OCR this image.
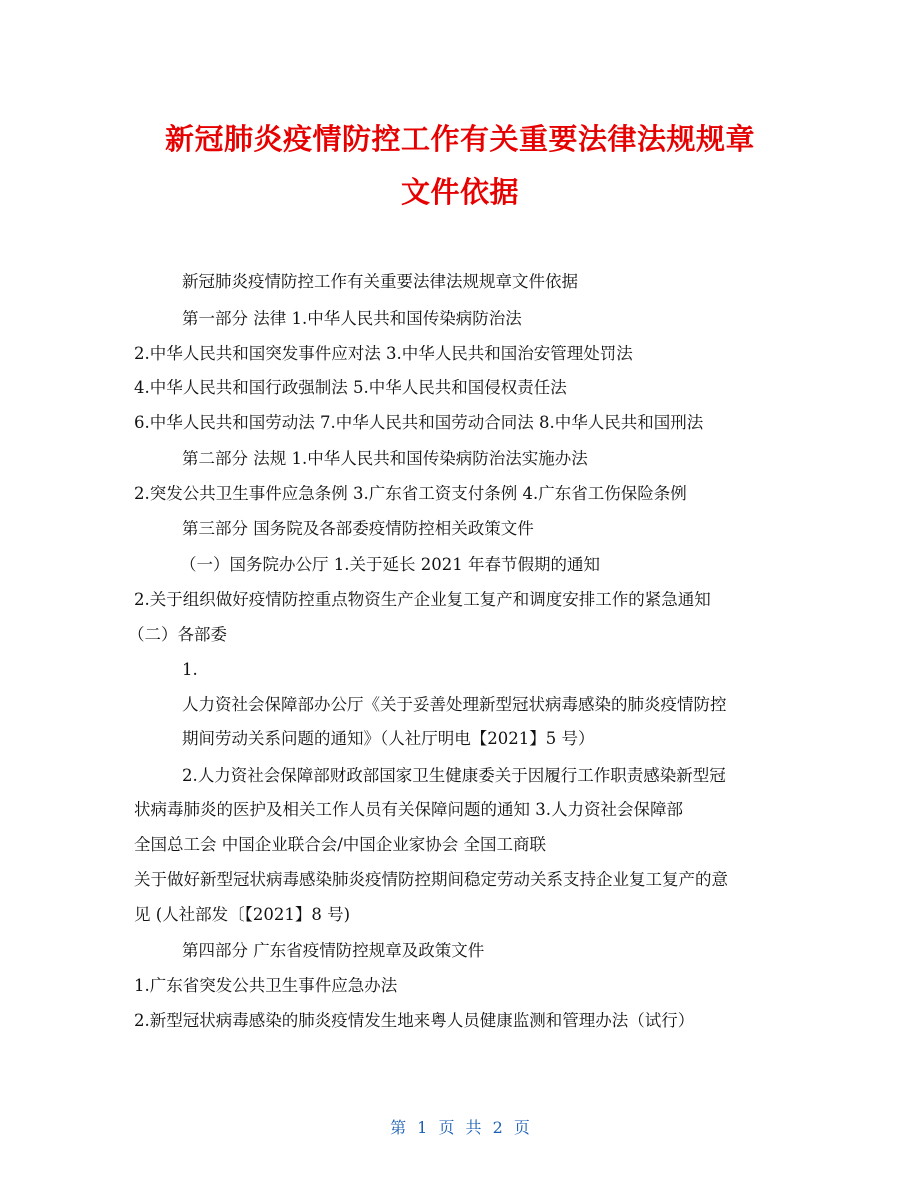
新冠肺炎疫情防控工作有关重要法律法规规章
文件依据
新冠肺炎疫情防控工作有关重要法律法规规章文件依据
第一部分 法律 1.中华人民共和国传染病防治法
2.中华人民共和国突发事件应对法 3.中华人民共和国治安管理处罚法
4.中华人民共和国行政强制法 5.中华人民共和国侵权责任法
6.中华人民共和国劳动法 7.中华人民共和国劳动合同法 8.中华人民共和国刑法
第二部分 法规 1.中华人民共和国传染病防治法实施办法
2.突发公共卫生事件应急条例 3.广东省工资支付条例 4.广东省工伤保险条例
第三部分 国务院及各部委疫情防控相关政策文件
（一）国务院办公厅 1.关于延长 2021 年春节假期的通知
2.关于组织做好疫情防控重点物资生产企业复工复产和调度安排工作的紧急通知
（二）各部委
1.
人力资社会保障部办公厅《关于妥善处理新型冠状病毒感染的肺炎疫情防控
期间劳动关系问题的通知》（人社厅明电【2021】5 号）
2.人力资社会保障部财政部国家卫生健康委关于因履行工作职责感染新型冠
状病毒肺炎的医护及相关工作人员有关保障问题的通知 3.人力资社会保障部
全国总工会 中国企业联合会/中国企业家协会 全国工商联
关于做好新型冠状病毒感染肺炎疫情防控期间稳定劳动关系支持企业复工复产的意
见 (人社部发〔【2021】8 号)
第四部分 广东省疫情防控规章及政策文件
1.广东省突发公共卫生事件应急办法
2.新型冠状病毒感染的肺炎疫情发生地来粤人员健康监测和管理办法（试行）
第 1 页 共 2 页
